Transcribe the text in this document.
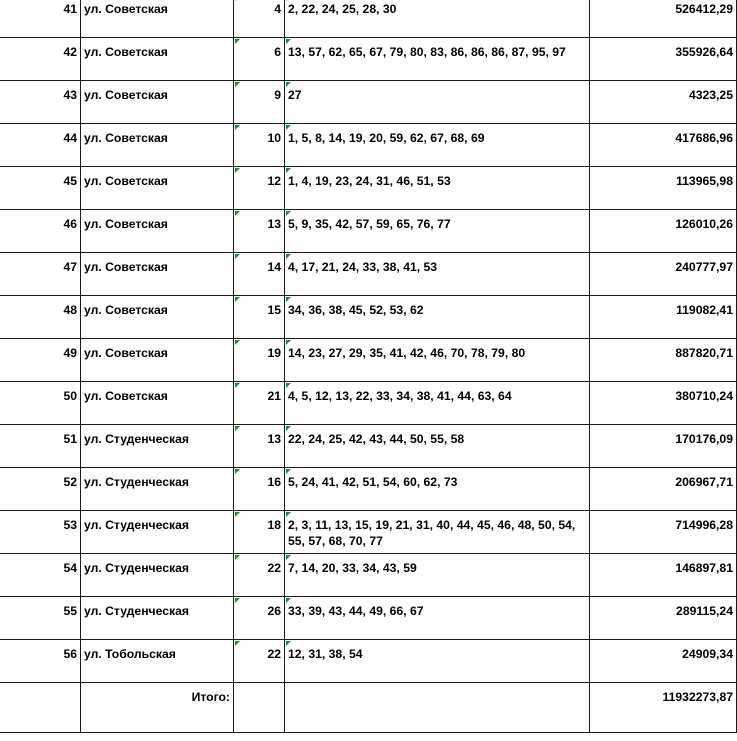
41	ул. Советская	4	2, 22, 24, 25, 28, 30	526412,29
42	ул. Советская	6	13, 57, 62, 65, 67, 79, 80, 83, 86, 86, 86, 87, 95, 97	355926,64
43	ул. Советская	9	27	4323,25
44	ул. Советская	10	1, 5, 8, 14, 19, 20, 59, 62, 67, 68, 69	417686,96
45	ул. Советская	12	1, 4, 19, 23, 24, 31, 46, 51, 53	113965,98
46	ул. Советская	13	5, 9, 35, 42, 57, 59, 65, 76, 77	126010,26
47	ул. Советская	14	4, 17, 21, 24, 33, 38, 41, 53	240777,97
48	ул. Советская	15	34, 36, 38, 45, 52, 53, 62	119082,41
49	ул. Советская	19	14, 23, 27, 29, 35, 41, 42, 46, 70, 78, 79, 80	887820,71
50	ул. Советская	21	4, 5, 12, 13, 22, 33, 34, 38, 41, 44, 63, 64	380710,24
51	ул. Студенческая	13	22, 24, 25, 42, 43, 44, 50, 55, 58	170176,09
52	ул. Студенческая	16	5, 24, 41, 42, 51, 54, 60, 62, 73	206967,71
53	ул. Студенческая	18	2, 3, 11, 13, 15, 19, 21, 31, 40, 44, 45, 46, 48, 50, 54, 55, 57, 68, 70, 77	714996,28
54	ул. Студенческая	22	7, 14, 20, 33, 34, 43, 59	146897,81
55	ул. Студенческая	26	33, 39, 43, 44, 49, 66, 67	289115,24
56	ул. Тобольская	22	12, 31, 38, 54	24909,34
	Итого:			11932273,87
